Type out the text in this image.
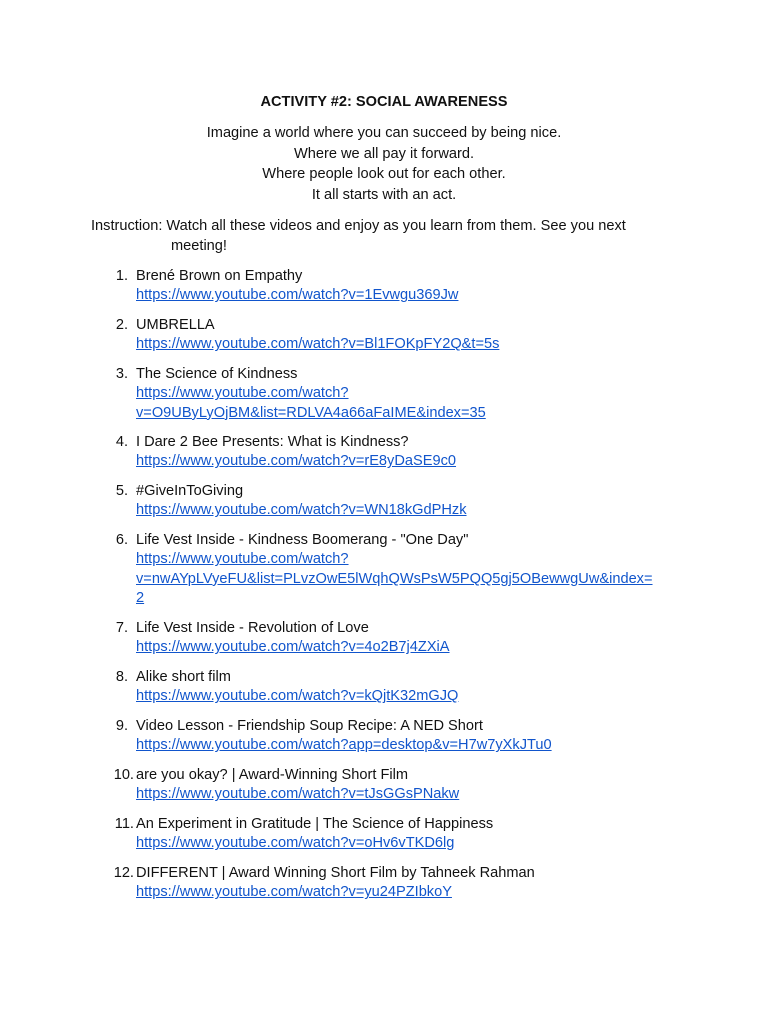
ACTIVITY #2: SOCIAL AWARENESS
Imagine a world where you can succeed by being nice.
Where we all pay it forward.
Where people look out for each other.
It all starts with an act.
Instruction: Watch all these videos and enjoy as you learn from them. See you next
meeting!
1. Brené Brown on Empathy
https://www.youtube.com/watch?v=1Evwgu369Jw
2. UMBRELLA
https://www.youtube.com/watch?v=Bl1FOKpFY2Q&t=5s
3. The Science of Kindness
https://www.youtube.com/watch?
v=O9UByLyOjBM&list=RDLVA4a66aFaIME&index=35
4. I Dare 2 Bee Presents: What is Kindness?
https://www.youtube.com/watch?v=rE8yDaSE9c0
5. #GiveInToGiving
https://www.youtube.com/watch?v=WN18kGdPHzk
6. Life Vest Inside - Kindness Boomerang - "One Day"
https://www.youtube.com/watch?
v=nwAYpLVyeFU&list=PLvzOwE5lWqhQWsPsW5PQQ5gj5OBewwgUw&index=
2
7. Life Vest Inside - Revolution of Love
https://www.youtube.com/watch?v=4o2B7j4ZXiA
8. Alike short film
https://www.youtube.com/watch?v=kQjtK32mGJQ
9. Video Lesson - Friendship Soup Recipe: A NED Short
https://www.youtube.com/watch?app=desktop&v=H7w7yXkJTu0
10. are you okay? | Award-Winning Short Film
https://www.youtube.com/watch?v=tJsGGsPNakw
11. An Experiment in Gratitude | The Science of Happiness
https://www.youtube.com/watch?v=oHv6vTKD6lg
12. DIFFERENT | Award Winning Short Film by Tahneek Rahman
https://www.youtube.com/watch?v=yu24PZIbkoY
